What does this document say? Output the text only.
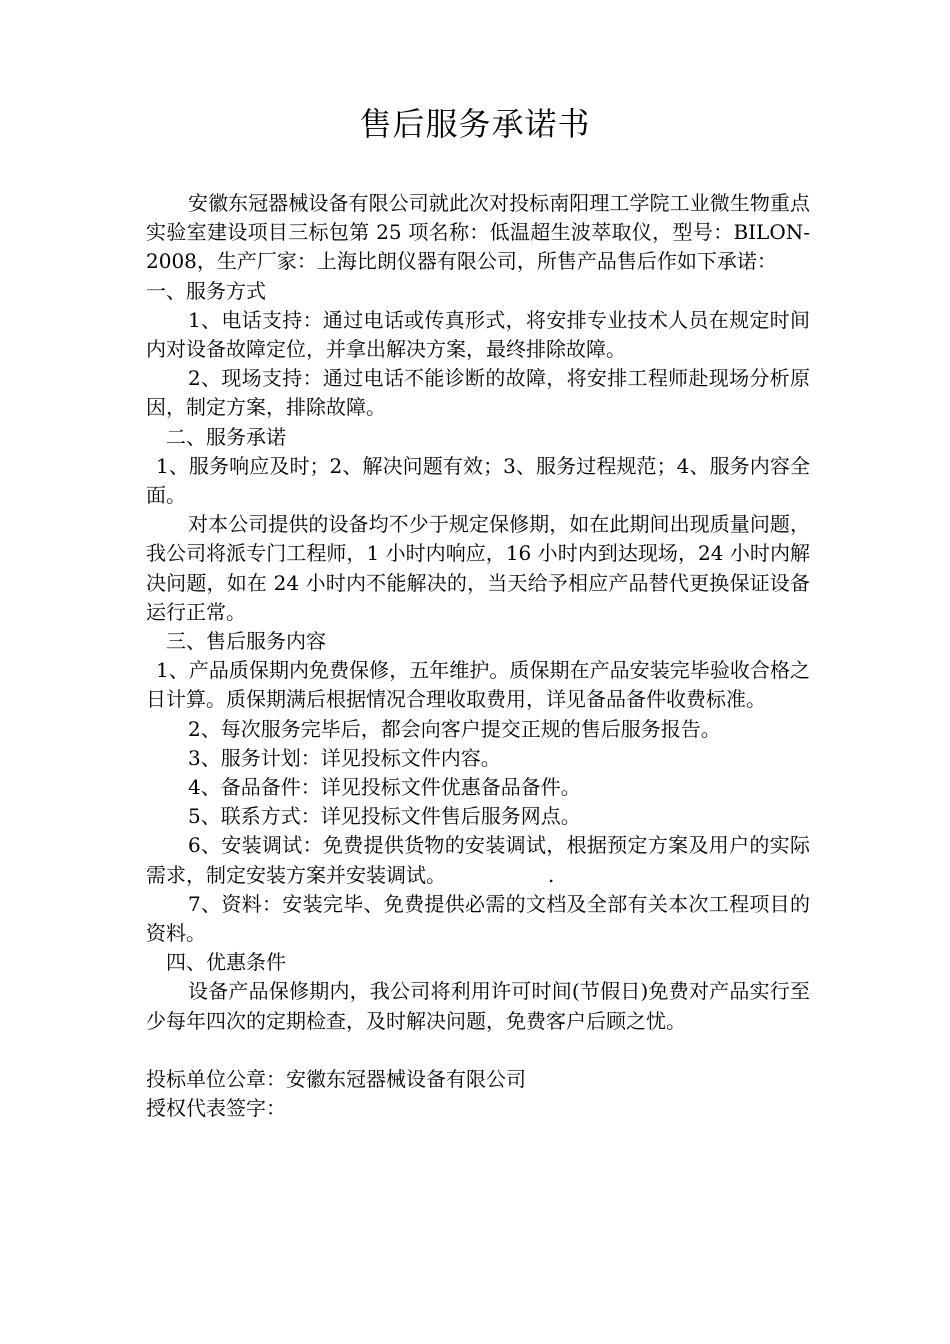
售后服务承诺书

安徽东冠器械设备有限公司就此次对投标南阳理工学院工业微生物重点实验室建设项目三标包第 25 项名称：低温超生波萃取仪，型号：BILON-2008，生产厂家：上海比朗仪器有限公司，所售产品售后作如下承诺：

一、服务方式

1、电话支持：通过电话或传真形式，将安排专业技术人员在规定时间内对设备故障定位，并拿出解决方案，最终排除故障。

2、现场支持：通过电话不能诊断的故障，将安排工程师赴现场分析原因，制定方案，排除故障。

二、服务承诺

1、服务响应及时；2、解决问题有效；3、服务过程规范；4、服务内容全面。

对本公司提供的设备均不少于规定保修期，如在此期间出现质量问题，我公司将派专门工程师，1 小时内响应，16 小时内到达现场，24 小时内解决问题，如在 24 小时内不能解决的，当天给予相应产品替代更换保证设备运行正常。

三、售后服务内容

1、产品质保期内免费保修，五年维护。质保期在产品安装完毕验收合格之日计算。质保期满后根据情况合理收取费用，详见备品备件收费标准。

2、每次服务完毕后，都会向客户提交正规的售后服务报告。

3、服务计划：详见投标文件内容。

4、备品备件：详见投标文件优惠备品备件。

5、联系方式：详见投标文件售后服务网点。

6、安装调试：免费提供货物的安装调试，根据预定方案及用户的实际需求，制定安装方案并安装调试。	.

7、资料：安装完毕、免费提供必需的文档及全部有关本次工程项目的资料。

四、优惠条件

设备产品保修期内，我公司将利用许可时间(节假日)免费对产品实行至少每年四次的定期检查，及时解决问题，免费客户后顾之忧。

投标单位公章：安徽东冠器械设备有限公司

授权代表签字：
